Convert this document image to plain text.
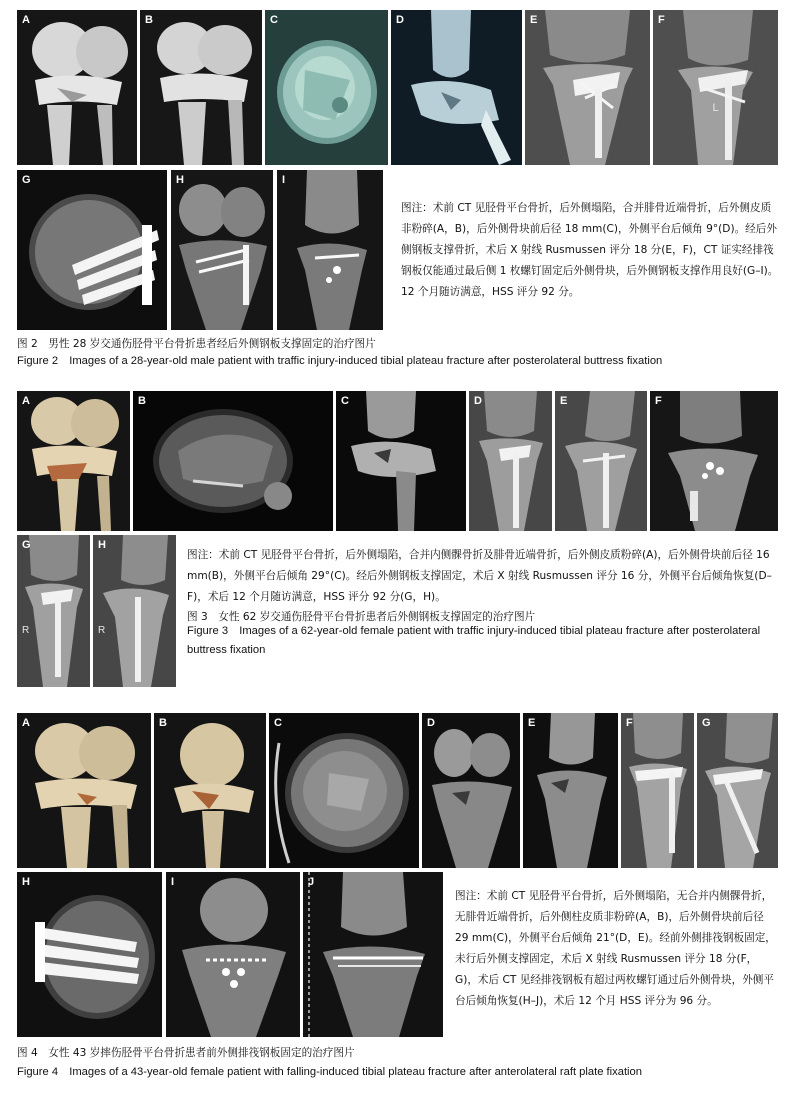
A	B	C	D	E	F
L
G	H	I
图注：术前 CT 见胫骨平台骨折，后外侧塌陷，合并腓骨近端骨折，后外侧皮质非粉碎(A，B)，后外侧骨块前后径 18 mm(C)，外侧平台后倾角 9°(D)。经后外侧钢板支撑骨折，术后 X 射线 Rusmussen 评分 18 分(E，F)，CT 证实经排筏钢板仅能通过最后侧 1 枚螺钉固定后外侧骨块，后外侧钢板支撑作用良好(G–I)。12 个月随访满意，HSS 评分 92 分。
图 2　男性 28 岁交通伤胫骨平台骨折患者经后外侧钢板支撑固定的治疗图片
Figure 2　Images of a 28-year-old male patient with traffic injury-induced tibial plateau fracture after posterolateral buttress fixation
A	B	C	D	E	F
G
R
H
R
图注：术前 CT 见胫骨平台骨折，后外侧塌陷，合并内侧髁骨折及腓骨近端骨折，后外侧皮质粉碎(A)，后外侧骨块前后径 16 mm(B)，外侧平台后倾角 29°(C)。经后外侧钢板支撑固定，术后 X 射线 Rusmussen 评分 16 分，外侧平台后倾角恢复(D–F)，术后 12 个月随访满意，HSS 评分 92 分(G，H)。
图 3　女性 62 岁交通伤胫骨平台骨折患者后外侧钢板支撑固定的治疗图片
Figure 3　Images of a 62-year-old female patient with traffic injury-induced tibial plateau fracture after posterolateral buttress fixation
A	B	C	D	E	F	G
H	I	J
图注：术前 CT 见胫骨平台骨折，后外侧塌陷，无合并内侧髁骨折，无腓骨近端骨折，后外侧柱皮质非粉碎(A，B)，后外侧骨块前后径 29 mm(C)，外侧平台后倾角 21°(D，E)。经前外侧排筏钢板固定，未行后外侧支撑固定，术后 X 射线 Rusmussen 评分 18 分(F，G)，术后 CT 见经排筏钢板有超过两枚螺钉通过后外侧骨块，外侧平台后倾角恢复(H–J)，术后 12 个月 HSS 评分为 96 分。
图 4　女性 43 岁摔伤胫骨平台骨折患者前外侧排筏钢板固定的治疗图片
Figure 4　Images of a 43-year-old female patient with falling-induced tibial plateau fracture after anterolateral raft plate fixation
